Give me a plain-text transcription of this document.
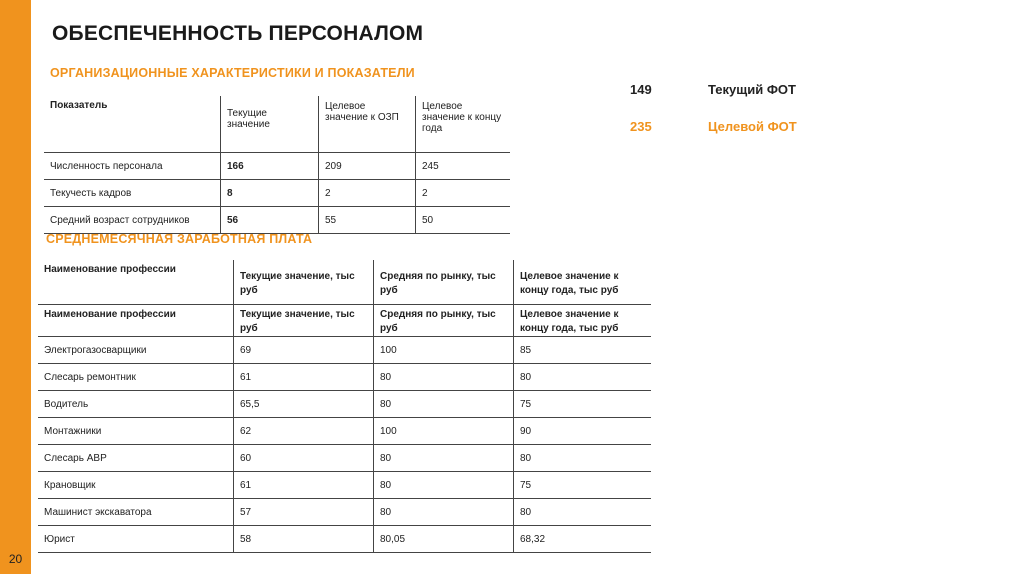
20
ОБЕСПЕЧЕННОСТЬ ПЕРСОНАЛОМ
ОРГАНИЗАЦИОННЫЕ ХАРАКТЕРИСТИКИ И ПОКАЗАТЕЛИ
149	Текущий ФОТ
235	Целевой ФОТ
Показатель	Текущие значение	Целевое значение к ОЗП	Целевое значение к концу года
Численность персонала	166	209	245
Текучесть кадров	8	2	2
Средний возраст сотрудников	56	55	50
СРЕДНЕМЕСЯЧНАЯ ЗАРАБОТНАЯ ПЛАТА
Наименование профессии	Текущие значение, тыс руб	Средняя по рынку, тыс руб	Целевое значение к концу года, тыс руб
Наименование профессии	Текущие значение, тыс руб	Средняя по рынку, тыс руб	Целевое значение к концу года, тыс руб
Электрогазосварщики	69	100	85
Слесарь ремонтник	61	80	80
Водитель	65,5	80	75
Монтажники	62	100	90
Слесарь АВР	60	80	80
Крановщик	61	80	75
Машинист экскаватора	57	80	80
Юрист	58	80,05	68,32
